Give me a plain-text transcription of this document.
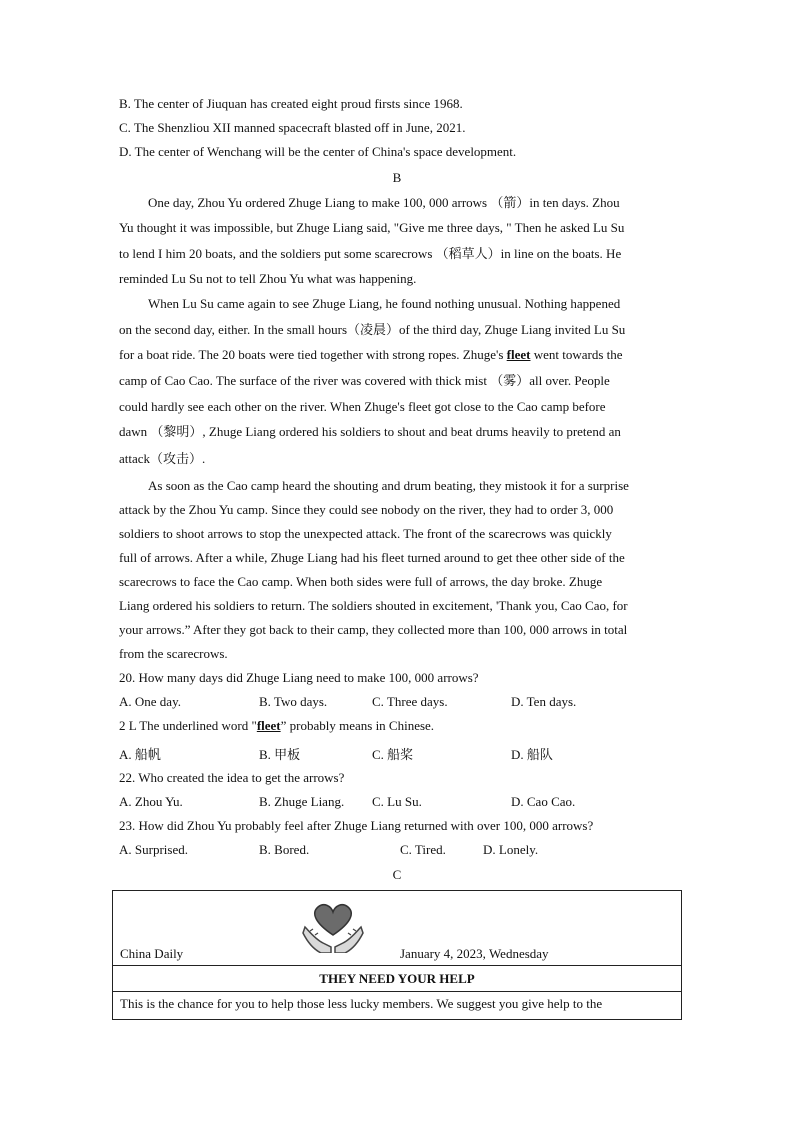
B. The center of Jiuquan has created eight proud firsts since 1968.
C. The Shenzliou XII manned spacecraft blasted off in June, 2021.
D. The center of Wenchang will be the center of China's space development.
B
One day, Zhou Yu ordered Zhuge Liang to make 100, 000 arrows （箭）in ten days. Zhou
Yu thought it was impossible, but Zhuge Liang said, "Give me three days, " Then he asked Lu Su
to lend I him 20 boats, and the soldiers put some scarecrows （稻草人）in line on the boats. He
reminded Lu Su not to tell Zhou Yu what was happening.
When Lu Su came again to see Zhuge Liang, he found nothing unusual. Nothing happened
on the second day, either. In the small hours（凌晨）of the third day, Zhuge Liang invited Lu Su
for a boat ride. The 20 boats were tied together with strong ropes. Zhuge's fleet went towards the
camp of Cao Cao. The surface of the river was covered with thick mist （雾）all over. People
could hardly see each other on the river. When Zhuge's fleet got close to the Cao camp before
dawn （黎明）, Zhuge Liang ordered his soldiers to shout and beat drums heavily to pretend an
attack（攻击）.
As soon as the Cao camp heard the shouting and drum beating, they mistook it for a surprise
attack by the Zhou Yu camp. Since they could see nobody on the river, they had to order 3, 000
soldiers to shoot arrows to stop the unexpected attack. The front of the scarecrows was quickly
full of arrows. After a while, Zhuge Liang had his fleet turned around to get thee other side of the
scarecrows to face the Cao camp. When both sides were full of arrows, the day broke. Zhuge
Liang ordered his soldiers to return. The soldiers shouted in excitement, 'Thank you, Cao Cao, for
your arrows.” After they got back to their camp, they collected more than 100, 000 arrows in total
from the scarecrows.
20. How many days did Zhuge Liang need to make 100, 000 arrows?
A. One day.	B. Two days.	C. Three days.	D. Ten days.
2 L The underlined word "fleet” probably means in Chinese.
A. 船帆	B. 甲板	C. 船桨	D. 船队
22. Who created the idea to get the arrows?
A. Zhou Yu.	B. Zhuge Liang. C. Lu Su.	D. Cao Cao.
23. How did Zhou Yu probably feel after Zhuge Liang returned with over 100, 000 arrows?
A. Surprised.	B. Bored.	C. Tired.	D. Lonely.
C
China Daily	January 4, 2023, Wednesday
THEY NEED YOUR HELP
This is the chance for you to help those less lucky members. We suggest you give help to the
